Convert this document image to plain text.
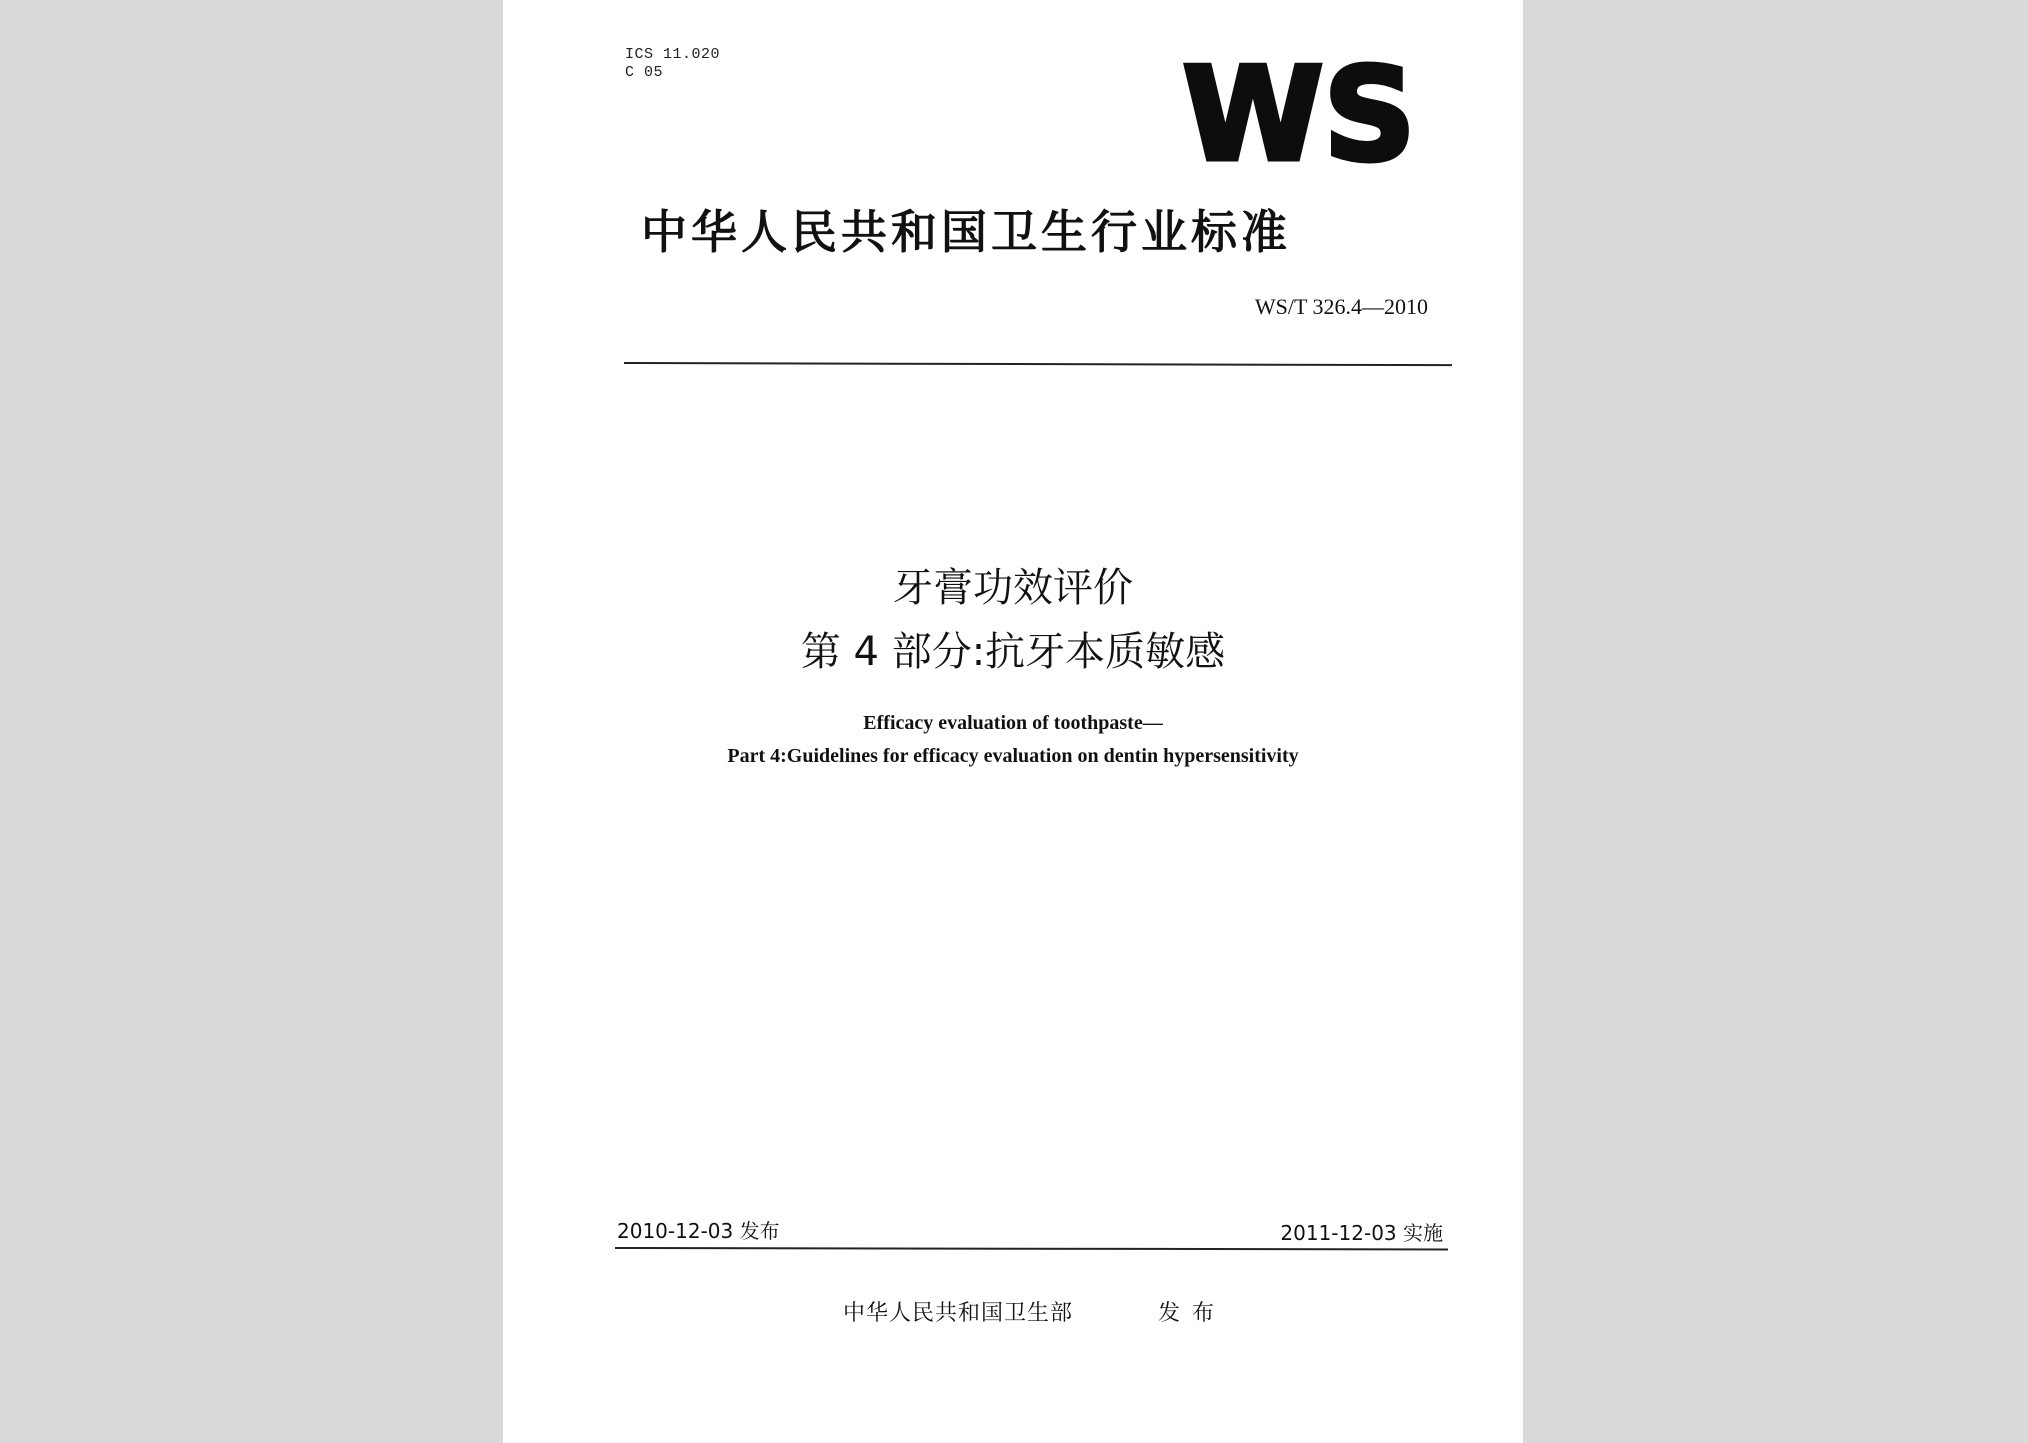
ICS 11.020
C 05	WS
中华人民共和国卫生行业标准
WS/T 326.4—2010
牙膏功效评价
第 4 部分:抗牙本质敏感
Efficacy evaluation of toothpaste—
Part 4:Guidelines for efficacy evaluation on dentin hypersensitivity
2010-12-03 发布	2011-12-03 实施
中华人民共和国卫生部	发布
